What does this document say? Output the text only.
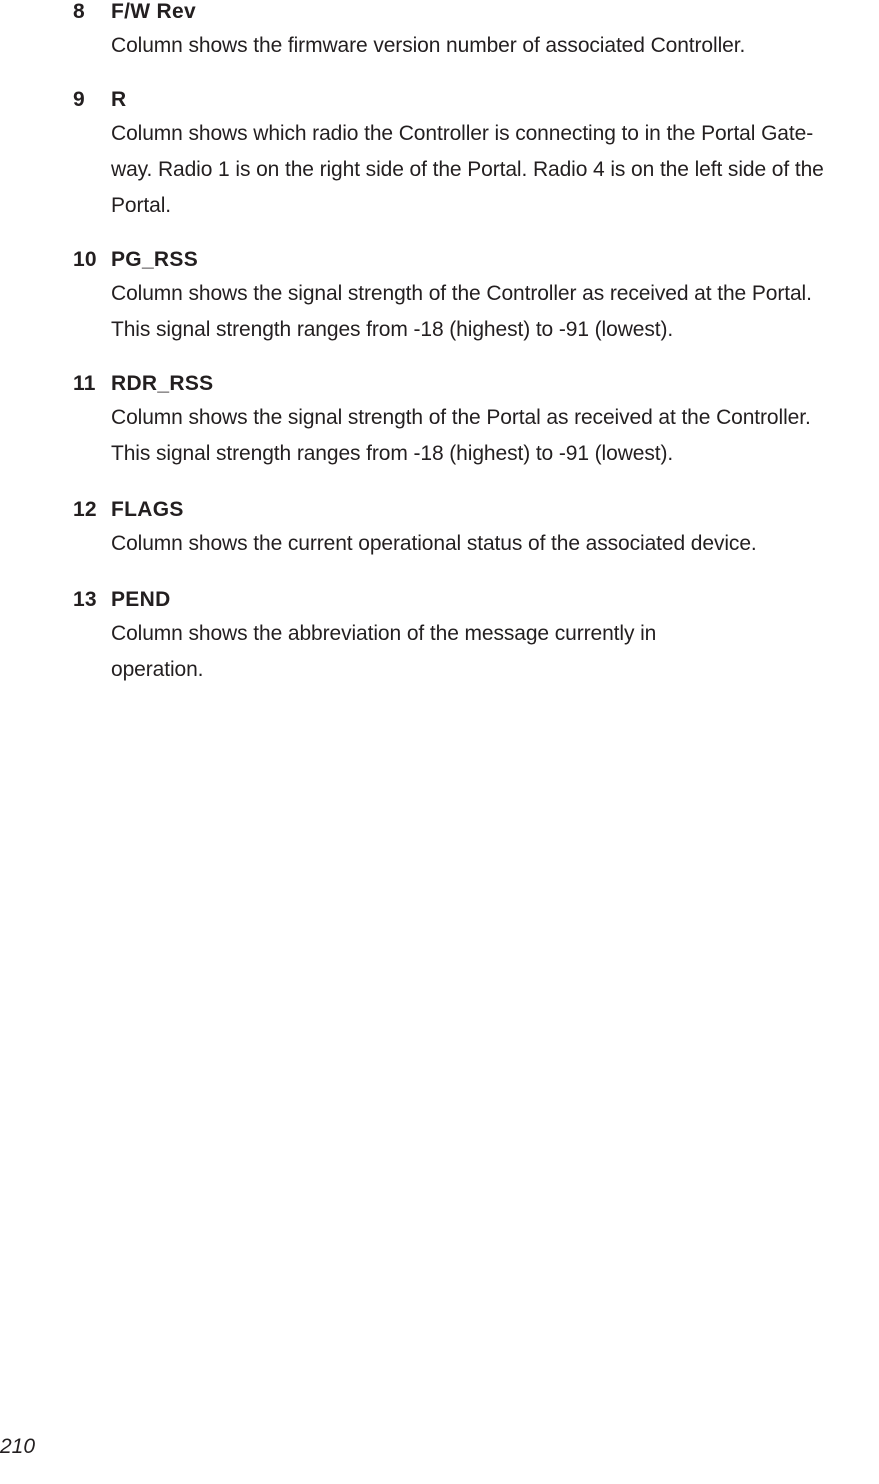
8 F/W Rev
Column shows the firmware version number of associated Controller.
9 R
Column shows which radio the Controller is connecting to in the Portal Gate-
way. Radio 1 is on the right side of the Portal. Radio 4 is on the left side of the
Portal.
10 PG_RSS
Column shows the signal strength of the Controller as received at the Portal.
This signal strength ranges from -18 (highest) to -91 (lowest).
11 RDR_RSS
Column shows the signal strength of the Portal as received at the Controller.
This signal strength ranges from -18 (highest) to -91 (lowest).
12 FLAGS
Column shows the current operational status of the associated device.
13 PEND
Column shows the abbreviation of the message currently in
operation.
210
